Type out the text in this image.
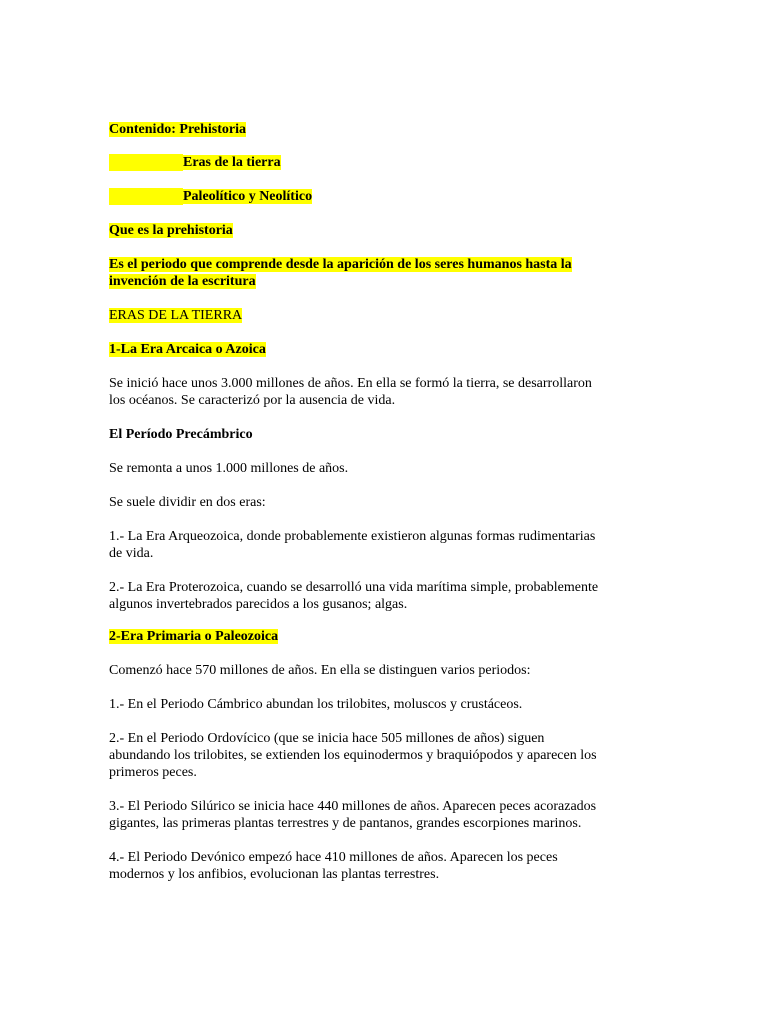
Contenido: Prehistoria
Eras de la tierra
Paleolítico y Neolítico
Que es la prehistoria
Es el periodo que comprende desde la aparición de los seres humanos hasta la
invención de la escritura
ERAS DE LA TIERRA
1-La Era Arcaica o Azoica
Se inició hace unos 3.000 millones de años. En ella se formó la tierra, se desarrollaron
los océanos. Se caracterizó por la ausencia de vida.
El Período Precámbrico
Se remonta a unos 1.000 millones de años.
Se suele dividir en dos eras:
1.- La Era Arqueozoica, donde probablemente existieron algunas formas rudimentarias
de vida.
2.- La Era Proterozoica, cuando se desarrolló una vida marítima simple, probablemente
algunos invertebrados parecidos a los gusanos; algas.
2-Era Primaria o Paleozoica
Comenzó hace 570 millones de años. En ella se distinguen varios periodos:
1.- En el Periodo Cámbrico abundan los trilobites, moluscos y crustáceos.
2.- En el Periodo Ordovícico (que se inicia hace 505 millones de años) siguen
abundando los trilobites, se extienden los equinodermos y braquiópodos y aparecen los
primeros peces.
3.- El Periodo Silúrico se inicia hace 440 millones de años. Aparecen peces acorazados
gigantes, las primeras plantas terrestres y de pantanos, grandes escorpiones marinos.
4.- El Periodo Devónico empezó hace 410 millones de años. Aparecen los peces
modernos y los anfibios, evolucionan las plantas terrestres.
